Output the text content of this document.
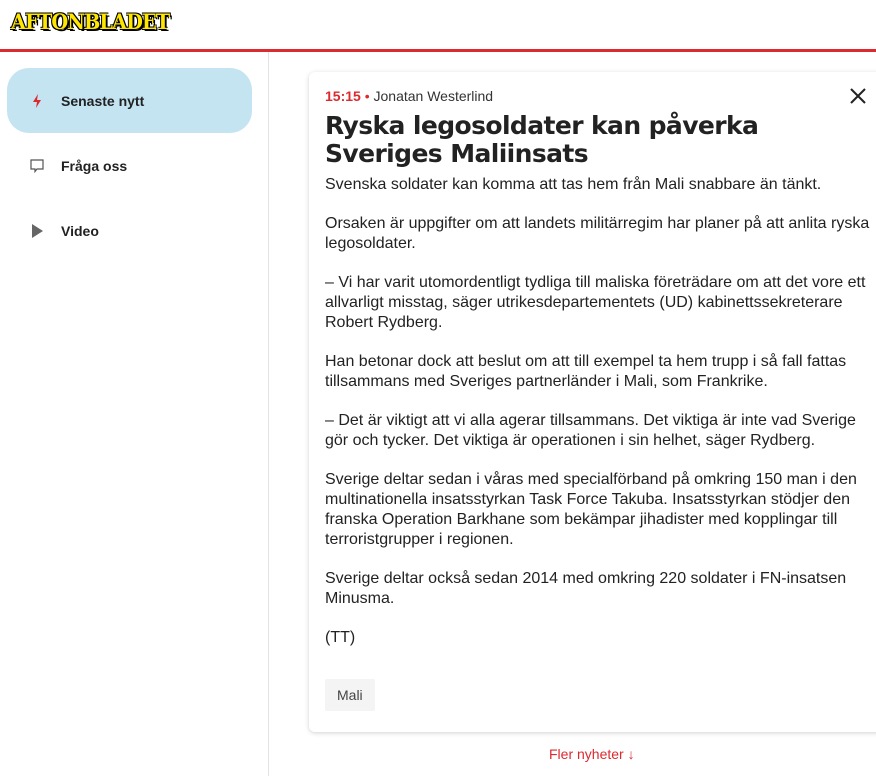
AFTONBLADET
Senaste nytt
Fråga oss
Video
15:15 • Jonatan Westerlind
Ryska legosoldater kan påverka Sveriges Maliinsats

Svenska soldater kan komma att tas hem från Mali snabbare än tänkt.

Orsaken är uppgifter om att landets militärregim har planer på att anlita ryska legosoldater.

– Vi har varit utomordentligt tydliga till maliska företrädare om att det vore ett allvarligt misstag, säger utrikesdepartementets (UD) kabinettssekreterare Robert Rydberg.

Han betonar dock att beslut om att till exempel ta hem trupp i så fall fattas tillsammans med Sveriges partnerländer i Mali, som Frankrike.

– Det är viktigt att vi alla agerar tillsammans. Det viktiga är inte vad Sverige gör och tycker. Det viktiga är operationen i sin helhet, säger Rydberg.

Sverige deltar sedan i våras med specialförband på omkring 150 man i den multinationella insatsstyrkan Task Force Takuba. Insatsstyrkan stödjer den franska Operation Barkhane som bekämpar jihadister med kopplingar till terroristgrupper i regionen.

Sverige deltar också sedan 2014 med omkring 220 soldater i FN-insatsen Minusma.

(TT)

Mali
Fler nyheter ↓
